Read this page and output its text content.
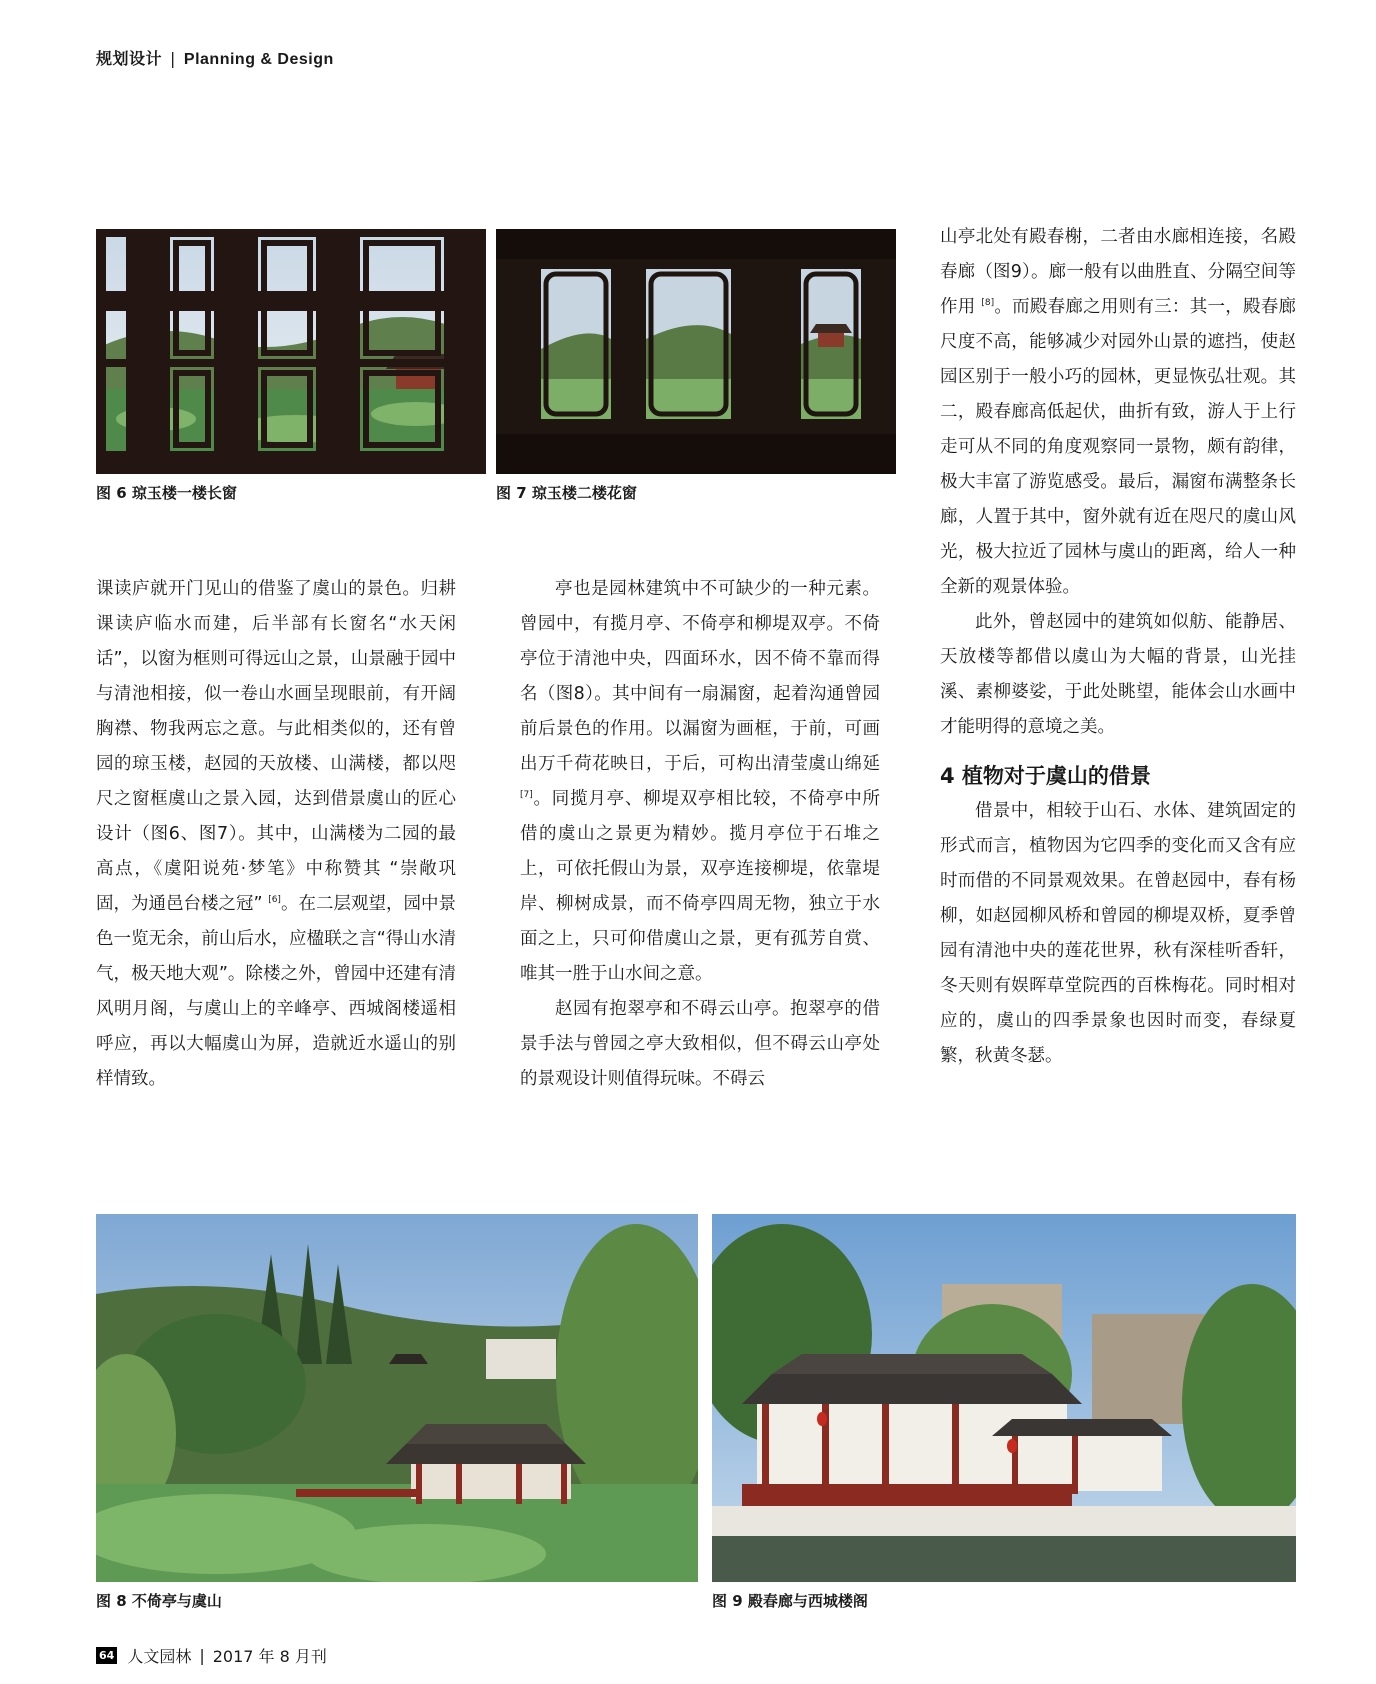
规划设计 | Planning & Design
图 6 琼玉楼一楼长窗	图 7 琼玉楼二楼花窗

课读庐就开门见山的借鉴了虞山的景色。归耕课读庐临水而建，后半部有长窗名“水天闲话”，以窗为框则可得远山之景，山景融于园中与清池相接，似一卷山水画呈现眼前，有开阔胸襟、物我两忘之意。与此相类似的，还有曾园的琼玉楼，赵园的天放楼、山满楼，都以咫尺之窗框虞山之景入园，达到借景虞山的匠心设计（图6、图7）。其中，山满楼为二园的最高点，《虞阳说苑·梦笔》中称赞其 “崇敞巩固，为通邑台楼之冠” [6]。在二层观望，园中景色一览无余，前山后水，应楹联之言“得山水清气，极天地大观”。除楼之外，曾园中还建有清风明月阁，与虞山上的辛峰亭、西城阁楼遥相呼应，再以大幅虞山为屏，造就近水遥山的别样情致。

亭也是园林建筑中不可缺少的一种元素。曾园中，有揽月亭、不倚亭和柳堤双亭。不倚亭位于清池中央，四面环水，因不倚不靠而得名（图8）。其中间有一扇漏窗，起着沟通曾园前后景色的作用。以漏窗为画框，于前，可画出万千荷花映日，于后，可构出清莹虞山绵延 [7]。同揽月亭、柳堤双亭相比较，不倚亭中所借的虞山之景更为精妙。揽月亭位于石堆之上，可依托假山为景，双亭连接柳堤，依靠堤岸、柳树成景，而不倚亭四周无物，独立于水面之上，只可仰借虞山之景，更有孤芳自赏、唯其一胜于山水间之意。

赵园有抱翠亭和不碍云山亭。抱翠亭的借景手法与曾园之亭大致相似，但不碍云山亭处的景观设计则值得玩味。不碍云

山亭北处有殿春榭，二者由水廊相连接，名殿春廊（图9）。廊一般有以曲胜直、分隔空间等作用 [8]。而殿春廊之用则有三：其一，殿春廊尺度不高，能够减少对园外山景的遮挡，使赵园区别于一般小巧的园林，更显恢弘壮观。其二，殿春廊高低起伏，曲折有致，游人于上行走可从不同的角度观察同一景物，颇有韵律，极大丰富了游览感受。最后，漏窗布满整条长廊，人置于其中，窗外就有近在咫尺的虞山风光，极大拉近了园林与虞山的距离，给人一种全新的观景体验。

此外，曾赵园中的建筑如似舫、能静居、天放楼等都借以虞山为大幅的背景，山光挂溪、素柳婆娑，于此处眺望，能体会山水画中才能明得的意境之美。

4 植物对于虞山的借景

借景中，相较于山石、水体、建筑固定的形式而言，植物因为它四季的变化而又含有应时而借的不同景观效果。在曾赵园中，春有杨柳，如赵园柳风桥和曾园的柳堤双桥，夏季曾园有清池中央的莲花世界，秋有深桂听香轩，冬天则有娱晖草堂院西的百株梅花。同时相对应的，虞山的四季景象也因时而变，春绿夏繁，秋黄冬瑟。

图 8 不倚亭与虞山	图 9 殿春廊与西城楼阁
64 人文园林 | 2017 年 8 月刊
